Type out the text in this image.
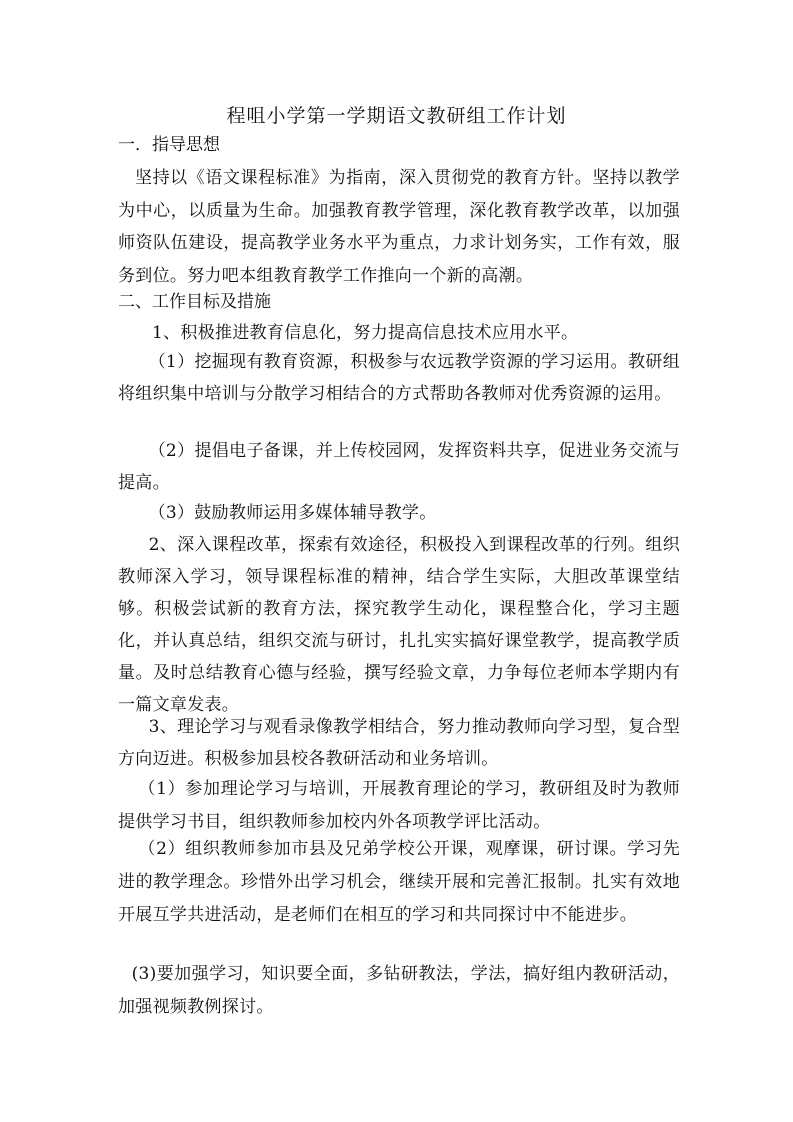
程咀小学第一学期语文教研组工作计划
一．指导思想

坚持以《语文课程标准》为指南，深入贯彻党的教育方针。坚持以教学为中心，以质量为生命。加强教育教学管理，深化教育教学改革，以加强师资队伍建设，提高教学业务水平为重点，力求计划务实，工作有效，服务到位。努力吧本组教育教学工作推向一个新的高潮。

二、工作目标及措施

1、积极推进教育信息化，努力提高信息技术应用水平。

（1）挖掘现有教育资源，积极参与农远教学资源的学习运用。教研组将组织集中培训与分散学习相结合的方式帮助各教师对优秀资源的运用。

（2）提倡电子备课，并上传校园网，发挥资料共享，促进业务交流与提高。

（3）鼓励教师运用多媒体辅导教学。

2、深入课程改革，探索有效途径，积极投入到课程改革的行列。组织教师深入学习，领导课程标准的精神，结合学生实际，大胆改革课堂结够。积极尝试新的教育方法，探究教学生动化，课程整合化，学习主题化，并认真总结，组织交流与研讨，扎扎实实搞好课堂教学，提高教学质量。及时总结教育心德与经验，撰写经验文章，力争每位老师本学期内有一篇文章发表。

3、理论学习与观看录像教学相结合，努力推动教师向学习型，复合型方向迈进。积极参加县校各教研活动和业务培训。

（1）参加理论学习与培训，开展教育理论的学习，教研组及时为教师提供学习书目，组织教师参加校内外各项教学评比活动。

（2）组织教师参加市县及兄弟学校公开课，观摩课，研讨课。学习先进的教学理念。珍惜外出学习机会，继续开展和完善汇报制。扎实有效地开展互学共进活动，是老师们在相互的学习和共同探讨中不能进步。

(3)要加强学习，知识要全面，多钻研教法，学法，搞好组内教研活动，加强视频教例探讨。
